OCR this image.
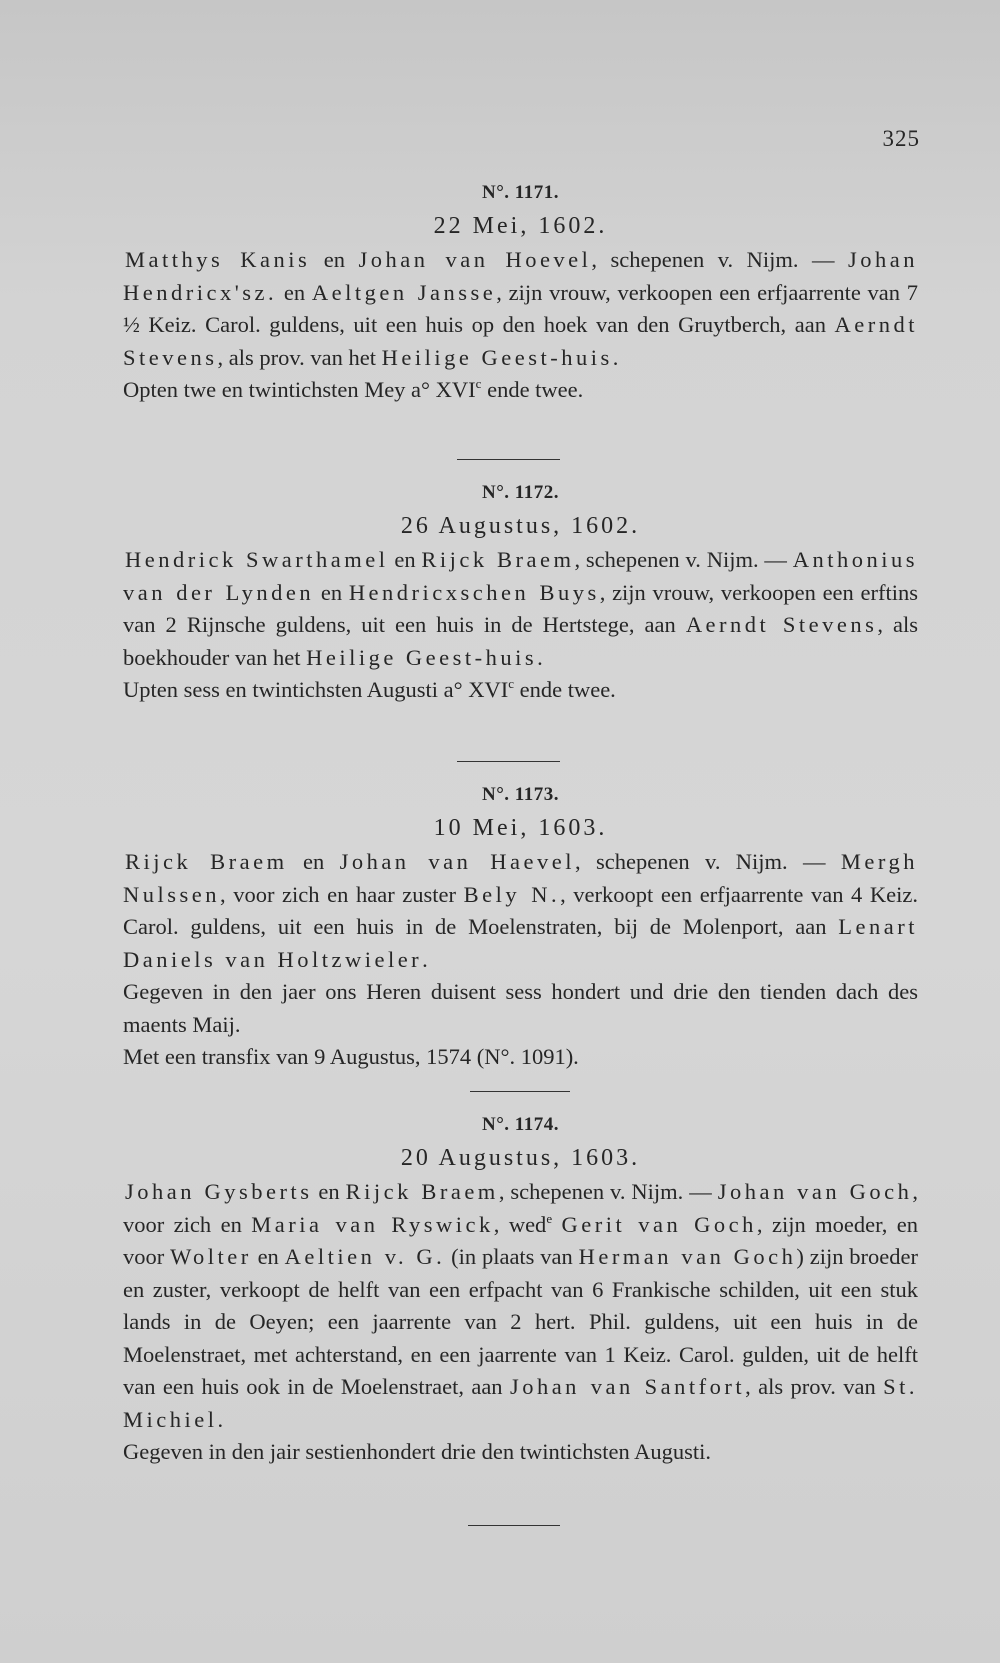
325
N°. 1171.
22 Mei, 1602.

Matthys Kanis en Johan van Hoevel, schepenen v. Nijm. — Johan Hendricx'sz. en Aeltgen Jansse, zijn vrouw, verkoopen een erfjaarrente van 7 ½ Keiz. Carol. guldens, uit een huis op den hoek van den Gruytberch, aan Aerndt Stevens, als prov. van het Heilige Geest-huis.

Opten twe en twintichsten Mey a° XVI$^c$ ende twee.

N°. 1172.
26 Augustus, 1602.

Hendrick Swarthamel en Rijck Braem, schepenen v. Nijm. — Anthonius van der Lynden en Hendricxschen Buys, zijn vrouw, verkoopen een erftins van 2 Rijnsche guldens, uit een huis in de Hertstege, aan Aerndt Stevens, als boekhouder van het Heilige Geest-huis.

Upten sess en twintichsten Augusti a° XVI$^c$ ende twee.

N°. 1173.
10 Mei, 1603.

Rijck Braem en Johan van Haevel, schepenen v. Nijm. — Mergh Nulssen, voor zich en haar zuster Bely N., verkoopt een erfjaarrente van 4 Keiz. Carol. guldens, uit een huis in de Moelenstraten, bij de Molenport, aan Lenart Daniels van Holtzwieler.

Gegeven in den jaer ons Heren duisent sess hondert und drie den tienden dach des maents Maij.

Met een transfix van 9 Augustus, 1574 (N°. 1091).

N°. 1174.
20 Augustus, 1603.

Johan Gysberts en Rijck Braem, schepenen v. Nijm. — Johan van Goch, voor zich en Maria van Ryswick, wed$^e$ Gerit van Goch, zijn moeder, en voor Wolter en Aeltien v. G. (in plaats van Herman van Goch) zijn broeder en zuster, verkoopt de helft van een erfpacht van 6 Frankische schilden, uit een stuk lands in de Oeyen; een jaarrente van 2 hert. Phil. guldens, uit een huis in de Moelenstraet, met achterstand, en een jaarrente van 1 Keiz. Carol. gulden, uit de helft van een huis ook in de Moelenstraet, aan Johan van Santfort, als prov. van St. Michiel.

Gegeven in den jair sestienhondert drie den twintichsten Augusti.
